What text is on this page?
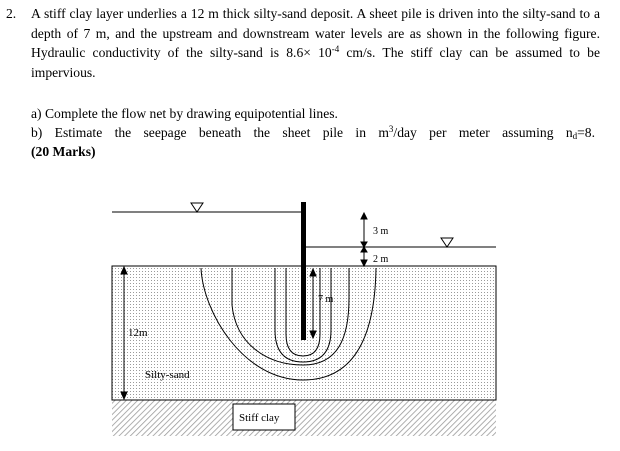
2. A stiff clay layer underlies a 12 m thick silty-sand deposit. A sheet pile is driven into the silty-sand to a depth of 7 m, and the upstream and downstream water levels are as shown in the following figure. Hydraulic conductivity of the silty-sand is $8.6\times 10^{-4}$ cm/s. The stiff clay can be assumed to be impervious.
a) Complete the flow net by drawing equipotential lines.
b) Estimate the seepage beneath the sheet pile in $m^3$/day per meter assuming $n_d=8$.
(20 Marks)
3 m
2 m
7 m
12m
Silty-sand
Stiff clay
